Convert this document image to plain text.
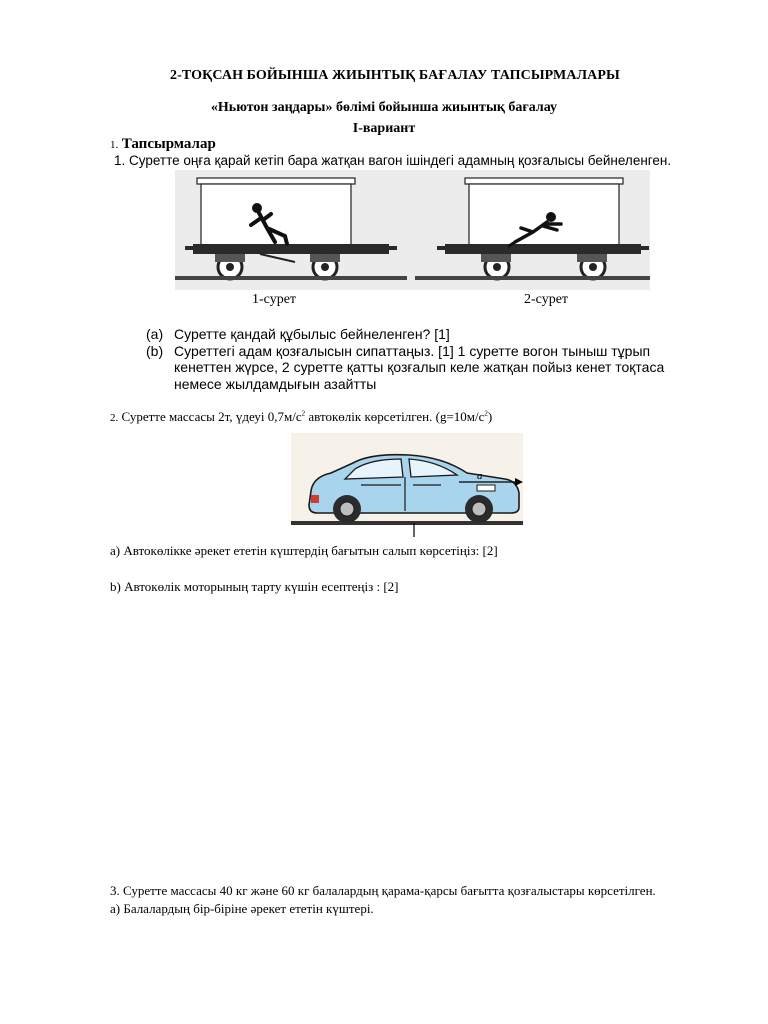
2-ТОҚСАН БОЙЫНША ЖИЫНТЫҚ БАҒАЛАУ ТАПСЫРМАЛАРЫ
«Ньютон заңдары» бөлімі бойынша жиынтық бағалау
І-вариант
1. Тапсырмалар
1. Суретте оңға қарай кетіп бара жатқан вагон ішіндегі адамның қозғалысы бейнеленген.
1-сурет	2-сурет
(a) Суретте қандай құбылыс бейнеленген? [1]
(b) Суреттегі адам қозғалысын сипаттаңыз. [1] 1 суретте вогон тыныш тұрып
кенеттен жүрсе, 2 суретте қатты қозғалып келе жатқан пойыз кенет тоқтаса
немесе жылдамдығын азайтты
2. Суретте массасы 2т, үдеуі $0,7м/с^2$ автокөлік көрсетілген. $(g=10м/с^2)$
a
а) Автокөлікке әрекет ететін күштердің бағытын салып көрсетіңіз: [2]
b) Автокөлік моторының тарту күшін есептеңіз : [2]
3. Суретте массасы 40 кг және 60 кг балалардың қарама-қарсы бағытта қозғалыстары көрсетілген.
а) Балалардың бір-біріне әрекет ететін күштері.
